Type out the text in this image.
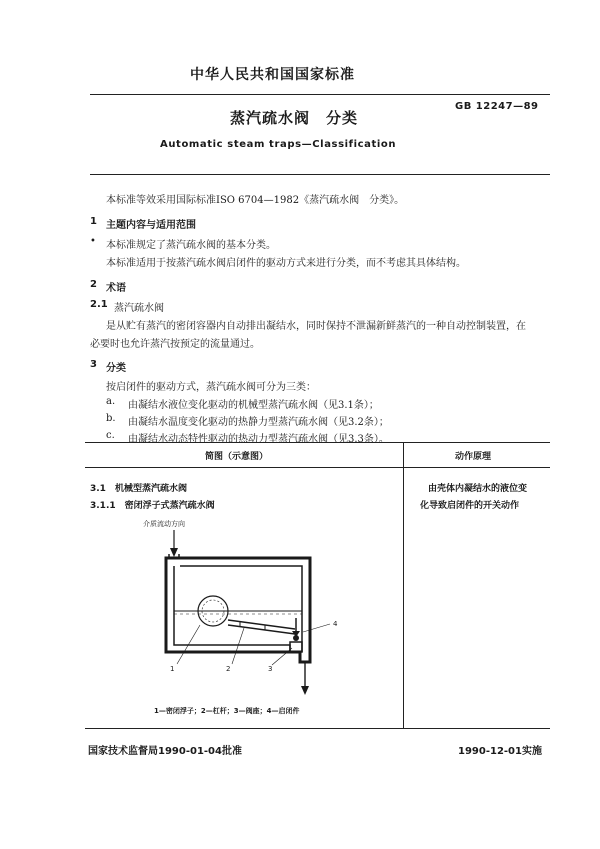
中华人民共和国国家标准
蒸汽疏水阀　分类
GB 12247—89
Automatic steam traps—Classification
本标准等效采用国际标准ISO 6704—1982《蒸汽疏水阀　分类》。
1 主题内容与适用范围
• 本标准规定了蒸汽疏水阀的基本分类。
本标准适用于按蒸汽疏水阀启闭件的驱动方式来进行分类，而不考虑其具体结构。
2 术语
2.1 蒸汽疏水阀
是从贮有蒸汽的密闭容器内自动排出凝结水，同时保持不泄漏新鲜蒸汽的一种自动控制装置，在
必要时也允许蒸汽按预定的流量通过。
3 分类
按启闭件的驱动方式，蒸汽疏水阀可分为三类：
a. 由凝结水液位变化驱动的机械型蒸汽疏水阀（见3.1条）；
b. 由凝结水温度变化驱动的热静力型蒸汽疏水阀（见3.2条）；
c. 由凝结水动态特性驱动的热动力型蒸汽疏水阀（见3.3条）。
简图（示意图）	动作原理
3.1　机械型蒸汽疏水阀
3.1.1　密闭浮子式蒸汽疏水阀
由壳体内凝结水的液位变
化导致启闭件的开关动作
介质流动方向
1	2	3
4
1—密闭浮子；2—杠杆；3—阀座；4—启闭件
国家技术监督局1990-01-04批准	1990-12-01实施
